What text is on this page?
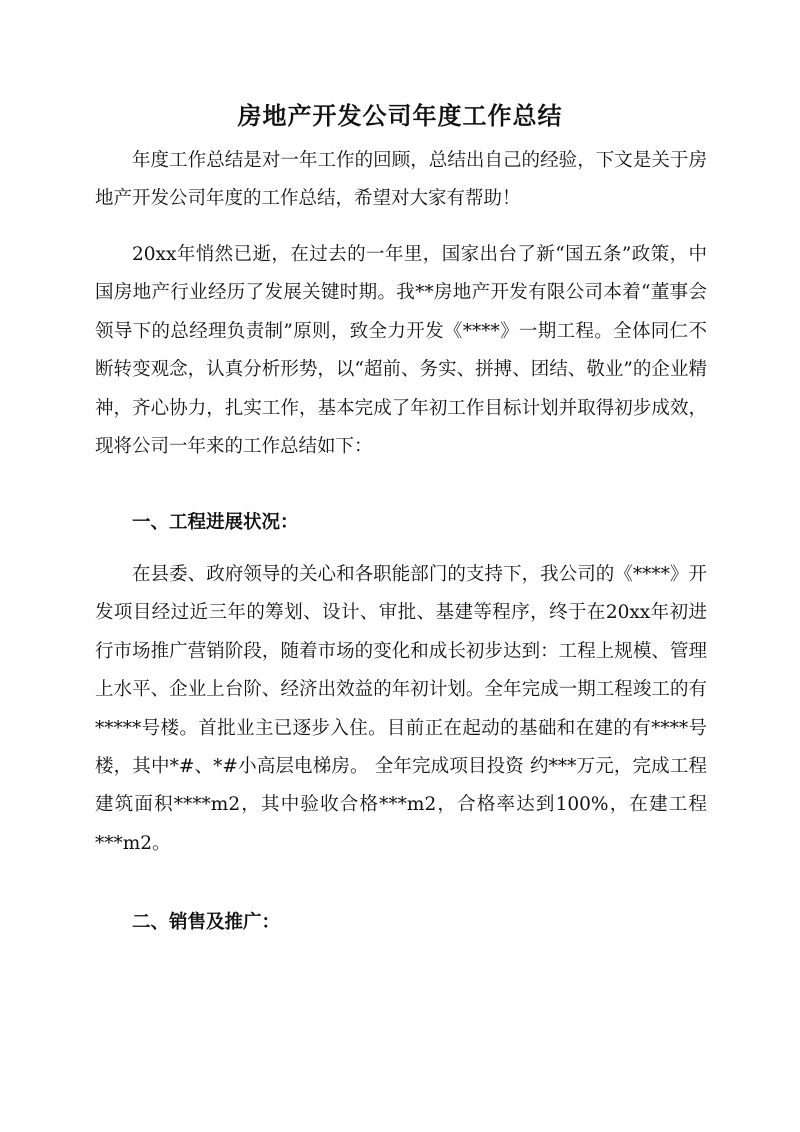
房地产开发公司年度工作总结

年度工作总结是对一年工作的回顾，总结出自己的经验，下文是关于房地产开发公司年度的工作总结，希望对大家有帮助！

20xx年悄然已逝，在过去的一年里，国家出台了新“国五条”政策，中国房地产行业经历了发展关键时期。我**房地产开发有限公司本着“董事会领导下的总经理负责制”原则，致全力开发《****》一期工程。全体同仁不断转变观念，认真分析形势，以“超前、务实、拼搏、团结、敬业”的企业精神，齐心协力，扎实工作，基本完成了年初工作目标计划并取得初步成效，现将公司一年来的工作总结如下：

一、工程进展状况：

在县委、政府领导的关心和各职能部门的支持下，我公司的《****》开发项目经过近三年的筹划、设计、审批、基建等程序，终于在20xx年初进行市场推广营销阶段，随着市场的变化和成长初步达到：工程上规模、管理上水平、企业上台阶、经济出效益的年初计划。全年完成一期工程竣工的有*****号楼。首批业主已逐步入住。目前正在起动的基础和在建的有****号楼，其中*#、*#小高层电梯房。 全年完成项目投资 约***万元，完成工程建筑面积****m2，其中验收合格***m2，合格率达到100%，在建工程***m2。

二、销售及推广：
